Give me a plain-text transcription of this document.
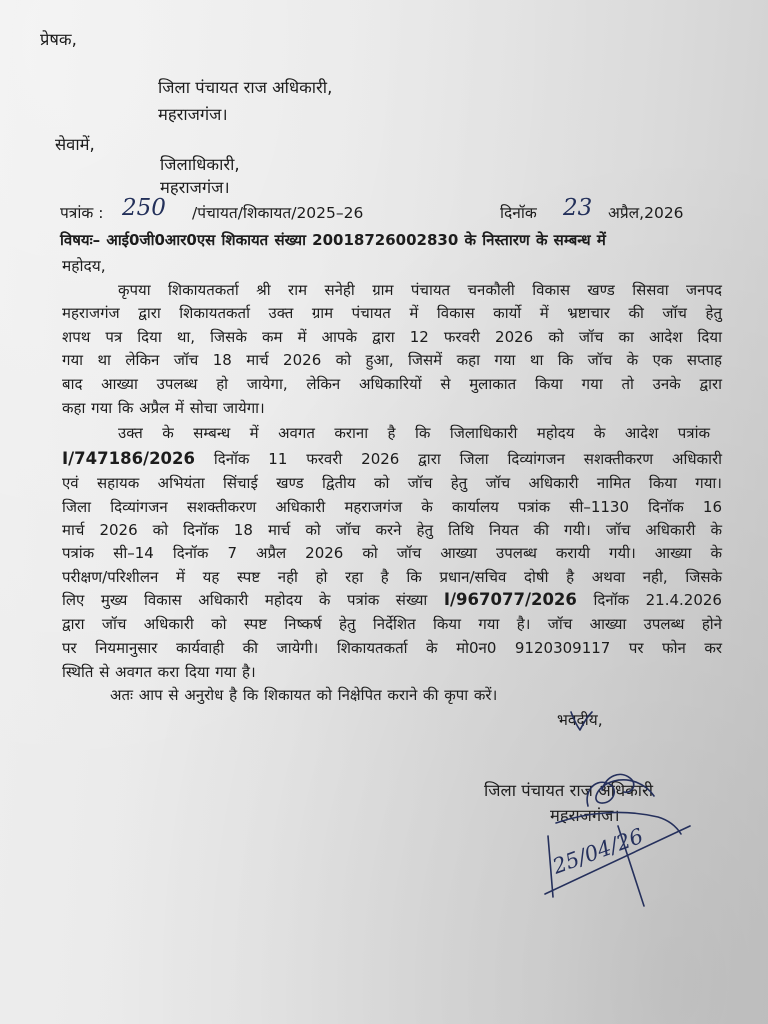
प्रेषक,
जिला पंचायत राज अधिकारी,
महराजगंज।
सेवामें,
जिलाधिकारी,
महराजगंज।
पत्रांक : 250 /पंचायत/शिकायत/2025–26	दिनॉक 23 अप्रैल,2026
विषयः– आई0जी0आर0एस शिकायत संख्या 20018726002830 के निस्तारण के सम्बन्ध में
महोदय,
कृपया शिकायतकर्ता श्री राम सनेही ग्राम पंचायत चनकौली विकास खण्ड सिसवा जनपद
महराजगंज द्वारा शिकायतकर्ता उक्त ग्राम पंचायत में विकास कार्यो में भ्रष्टाचार की जॉच हेतु
शपथ पत्र दिया था, जिसके कम में आपके द्वारा 12 फरवरी 2026 को जॉच का आदेश दिया
गया था लेकिन जॉच 18 मार्च 2026 को हुआ, जिसमें कहा गया था कि जॉच के एक सप्ताह
बाद आख्या उपलब्ध हो जायेगा, लेकिन अधिकारियों से मुलाकात किया गया तो उनके द्वारा
कहा गया कि अप्रैल में सोचा जायेगा।
उक्त के सम्बन्ध में अवगत कराना है कि जिलाधिकारी महोदय के आदेश पत्रांक
I/747186/2026 दिनॉक 11 फरवरी 2026 द्वारा जिला दिव्यांगजन सशक्तीकरण अधिकारी
एवं सहायक अभियंता सिंचाई खण्ड द्वितीय को जॉच हेतु जॉच अधिकारी नामित किया गया।
जिला दिव्यांगजन सशक्तीकरण अधिकारी महराजगंज के कार्यालय पत्रांक सी–1130 दिनॉक 16
मार्च 2026 को दिनॉक 18 मार्च को जॉच करने हेतु तिथि नियत की गयी। जॉच अधिकारी के
पत्रांक सी–14 दिनॉक 7 अप्रैल 2026 को जॉच आख्या उपलब्ध करायी गयी। आख्या के
परीक्षण/परिशीलन में यह स्पष्ट नही हो रहा है कि प्रधान/सचिव दोषी है अथवा नही, जिसके
लिए मुख्य विकास अधिकारी महोदय के पत्रांक संख्या I/967077/2026 दिनॉक 21.4.2026
द्वारा जॉच अधिकारी को स्पष्ट निष्कर्ष हेतु निर्देशित किया गया है। जॉच आख्या उपलब्ध होने
पर नियमानुसार कार्यवाही की जायेगी। शिकायतकर्ता के मो0न0 9120309117 पर फोन कर
स्थिति से अवगत करा दिया गया है।
अतः आप से अनुरोध है कि शिकायत को निक्षेपित कराने की कृपा करें।
भवदीय,
जिला पंचायत राज अधिकारी
महराजगंज।
25/04/26
